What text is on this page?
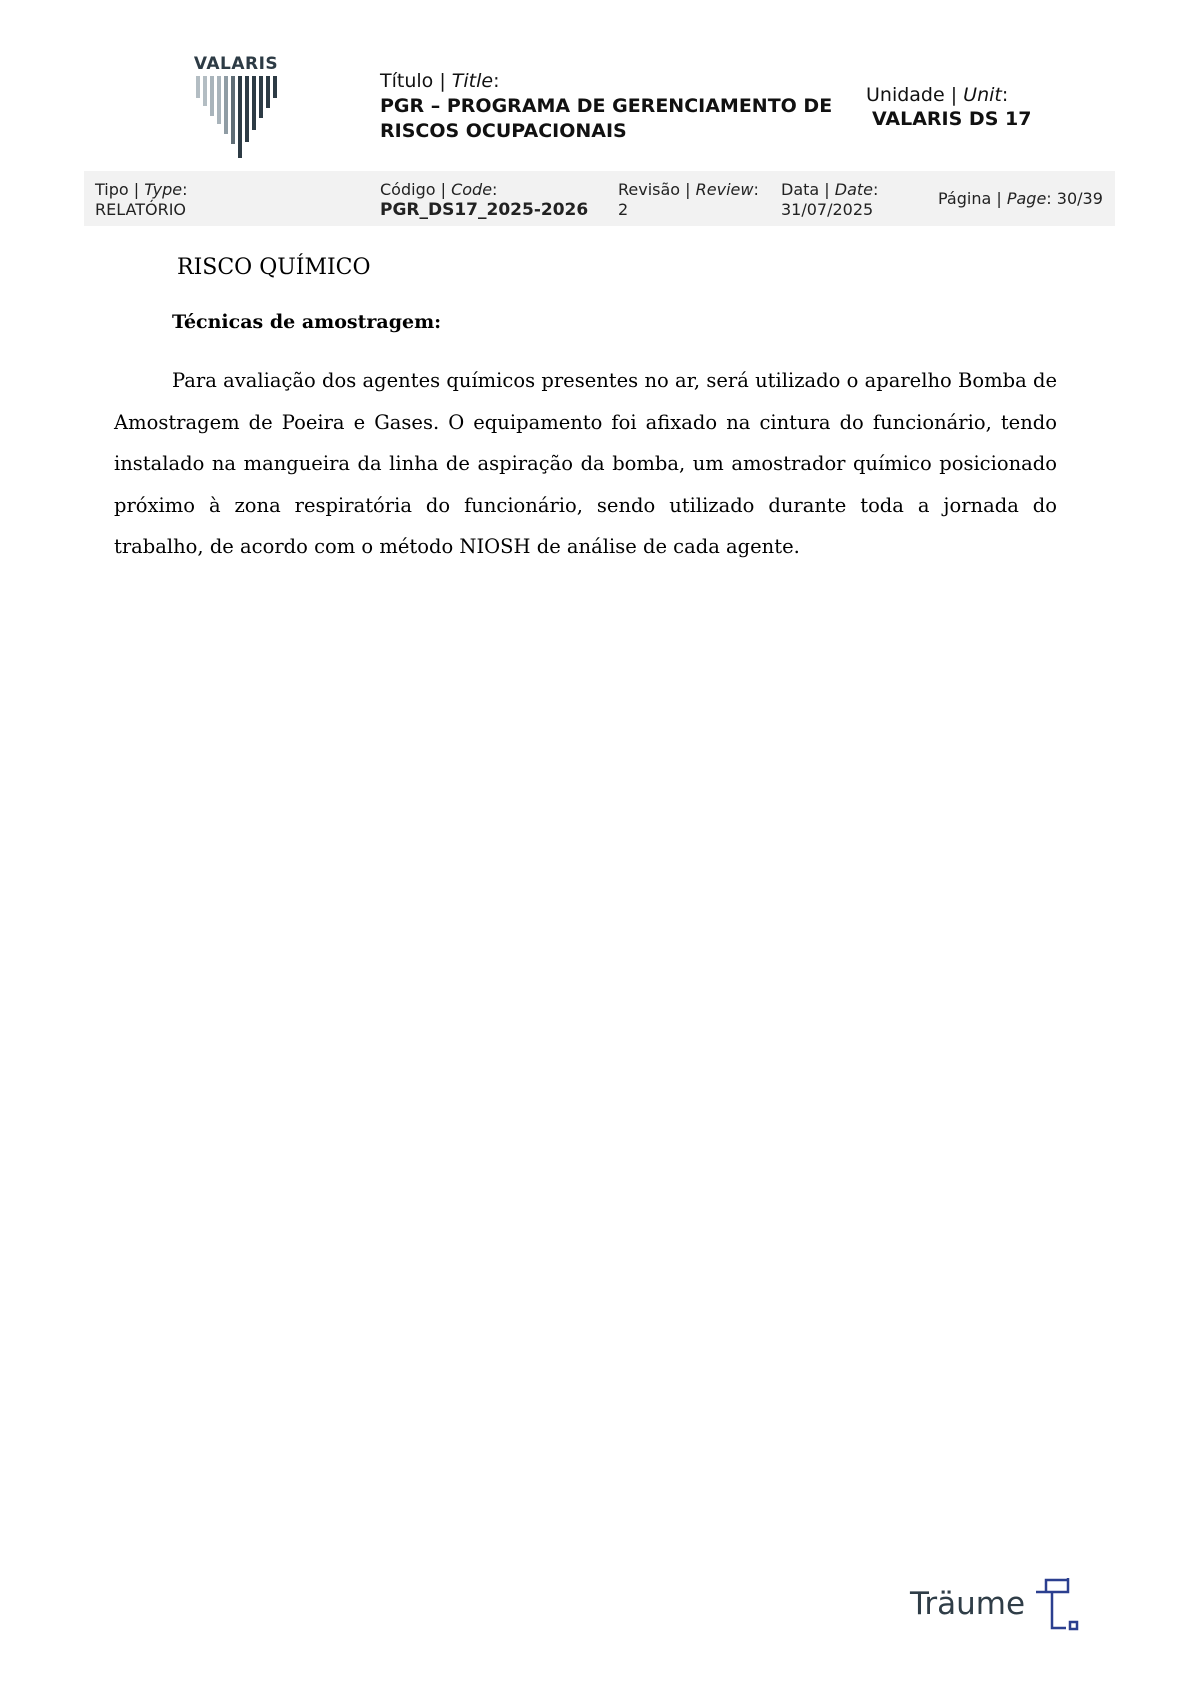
VALARIS
Título | Title:
PGR – PROGRAMA DE GERENCIAMENTO DE
RISCOS OCUPACIONAIS
Unidade | Unit:
VALARIS DS 17
Tipo | Type:
RELATÓRIO
Código | Code:
PGR_DS17_2025-2026
Revisão | Review:
2
Data | Date:
31/07/2025
Página | Page: 30/39
RISCO QUÍMICO
Técnicas de amostragem:

Para avaliação dos agentes químicos presentes no ar, será utilizado o aparelho Bomba de Amostragem de Poeira e Gases. O equipamento foi afixado na cintura do funcionário, tendo instalado na mangueira da linha de aspiração da bomba, um amostrador químico posicionado próximo à zona respiratória do funcionário, sendo utilizado durante toda a jornada do trabalho, de acordo com o método NIOSH de análise de cada agente.

Träume
